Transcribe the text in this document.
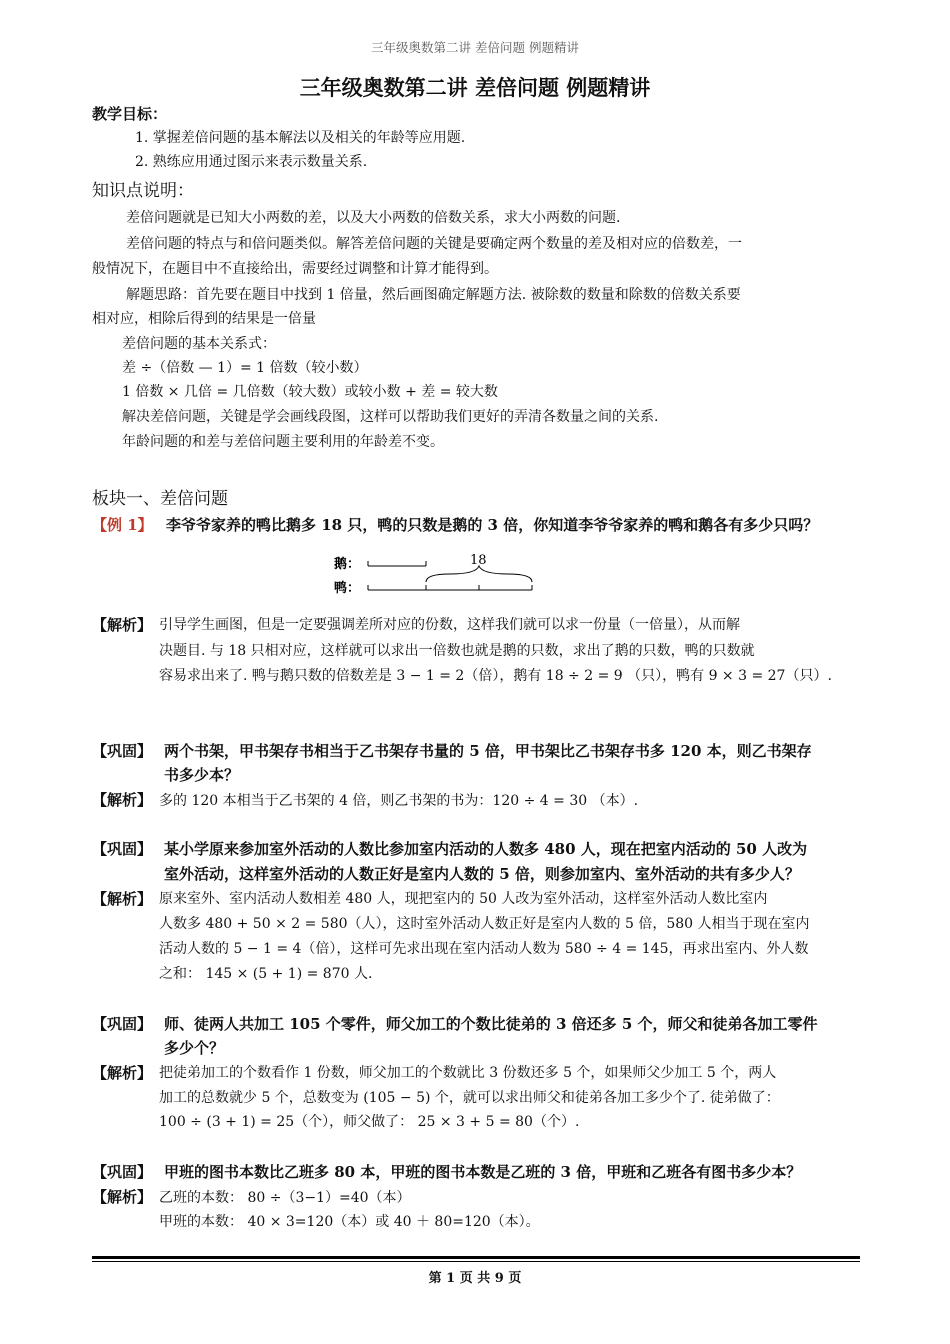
三年级奥数第二讲 差倍问题 例题精讲
三年级奥数第二讲 差倍问题 例题精讲
教学目标：
1. 掌握差倍问题的基本解法以及相关的年龄等应用题.
2. 熟练应用通过图示来表示数量关系.
知识点说明：
差倍问题就是已知大小两数的差，以及大小两数的倍数关系，求大小两数的问题.
差倍问题的特点与和倍问题类似。解答差倍问题的关键是要确定两个数量的差及相对应的倍数差，一
般情况下，在题目中不直接给出，需要经过调整和计算才能得到。
解题思路：首先要在题目中找到 1 倍量，然后画图确定解题方法. 被除数的数量和除数的倍数关系要
相对应，相除后得到的结果是一倍量
差倍问题的基本关系式：
差 ÷（倍数 — 1）= 1 倍数（较小数）
1 倍数 × 几倍 = 几倍数（较大数）或较小数 + 差 = 较大数
解决差倍问题，关键是学会画线段图，这样可以帮助我们更好的弄清各数量之间的关系.
年龄问题的和差与差倍问题主要利用的年龄差不变。
板块一、差倍问题
【例 1】 李爷爷家养的鸭比鹅多 18 只，鸭的只数是鹅的 3 倍，你知道李爷爷家养的鸭和鹅各有多少只吗？
鹅：
鸭：
18
【解析】 引导学生画图，但是一定要强调差所对应的份数，这样我们就可以求一份量（一倍量），从而解
决题目. 与 18 只相对应，这样就可以求出一倍数也就是鹅的只数，求出了鹅的只数，鸭的只数就
容易求出来了. 鸭与鹅只数的倍数差是 3 − 1 = 2（倍），鹅有 18 ÷ 2 = 9 （只），鸭有 9 × 3 = 27（只）.
【巩固】 两个书架，甲书架存书相当于乙书架存书量的 5 倍，甲书架比乙书架存书多 120 本，则乙书架存
书多少本？
【解析】 多的 120 本相当于乙书架的 4 倍，则乙书架的书为：120 ÷ 4 = 30 （本）.
【巩固】 某小学原来参加室外活动的人数比参加室内活动的人数多 480 人，现在把室内活动的 50 人改为
室外活动，这样室外活动的人数正好是室内人数的 5 倍，则参加室内、室外活动的共有多少人？
【解析】 原来室外、室内活动人数相差 480 人，现把室内的 50 人改为室外活动，这样室外活动人数比室内
人数多 480 + 50 × 2 = 580（人），这时室外活动人数正好是室内人数的 5 倍，580 人相当于现在室内
活动人数的 5 − 1 = 4（倍），这样可先求出现在室内活动人数为 580 ÷ 4 = 145，再求出室内、外人数
之和： 145 × (5 + 1) = 870 人.
【巩固】 师、徒两人共加工 105 个零件，师父加工的个数比徒弟的 3 倍还多 5 个，师父和徒弟各加工零件
多少个？
【解析】 把徒弟加工的个数看作 1 份数，师父加工的个数就比 3 份数还多 5 个，如果师父少加工 5 个，两人
加工的总数就少 5 个，总数变为 (105 − 5) 个，就可以求出师父和徒弟各加工多少个了. 徒弟做了：
100 ÷ (3 + 1) = 25（个），师父做了： 25 × 3 + 5 = 80（个）.
【巩固】 甲班的图书本数比乙班多 80 本，甲班的图书本数是乙班的 3 倍，甲班和乙班各有图书多少本？
【解析】 乙班的本数： 80 ÷（3−1）=40（本）
甲班的本数： 40 × 3=120（本）或 40 ＋ 80=120（本）。
第 1 页 共 9 页
